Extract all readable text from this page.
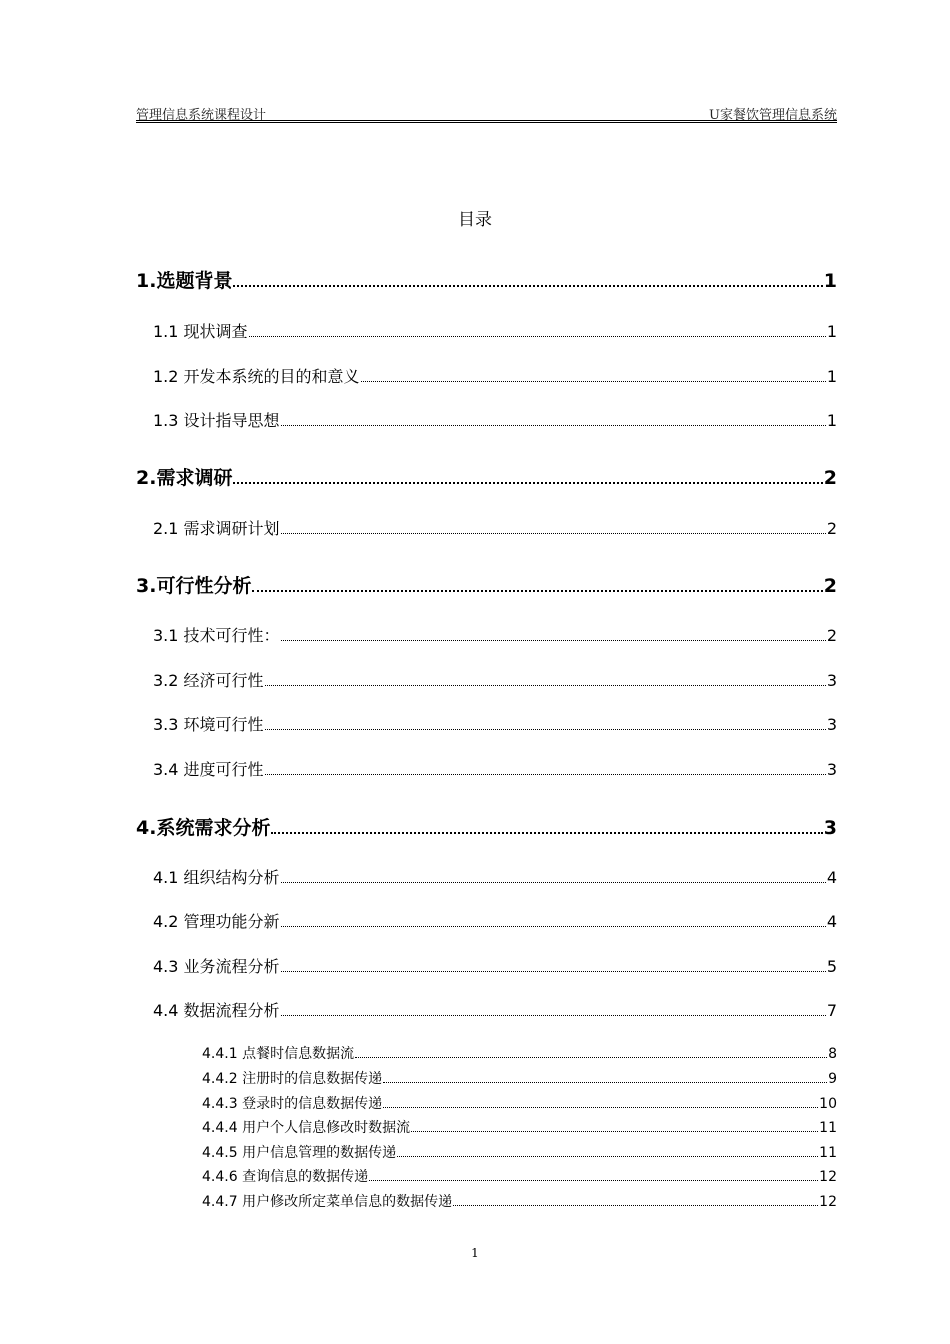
管理信息系统课程设计	U家餐饮管理信息系统
目录
1.选题背景	1
1.1 现状调查	1
1.2 开发本系统的目的和意义	1
1.3 设计指导思想	1
2.需求调研	2
2.1 需求调研计划	2
3.可行性分析	2
3.1 技术可行性：	2
3.2 经济可行性	3
3.3 环境可行性	3
3.4 进度可行性	3
4.系统需求分析	3
4.1 组织结构分析	4
4.2 管理功能分新	4
4.3 业务流程分析	5
4.4 数据流程分析	7
4.4.1 点餐时信息数据流	8
4.4.2 注册时的信息数据传递	9
4.4.3 登录时的信息数据传递	10
4.4.4 用户个人信息修改时数据流	11
4.4.5 用户信息管理的数据传递	11
4.4.6 查询信息的数据传递	12
4.4.7 用户修改所定菜单信息的数据传递	12
1
